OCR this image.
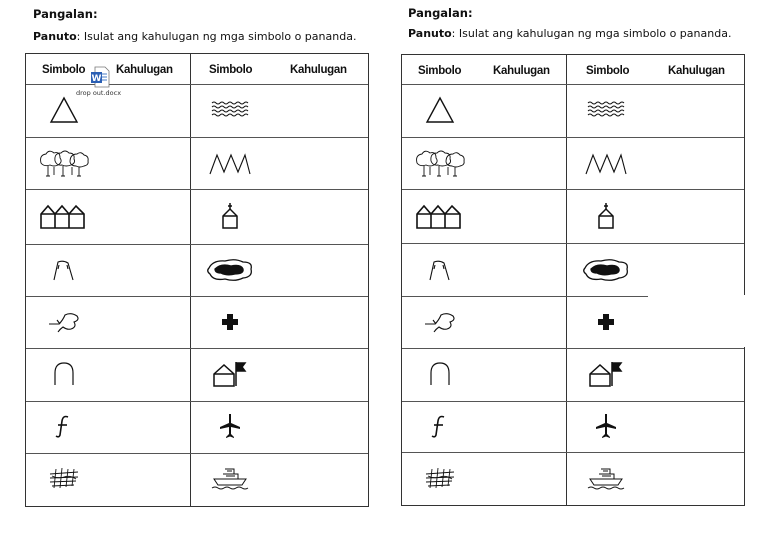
Pangalan:
Panuto: Isulat ang kahulugan ng mga simbolo o pananda.
Simbolo	Kahulugan	Simbolo	Kahulugan
W
drop out.docx
Pangalan:
Panuto: Isulat ang kahulugan ng mga simbolo o pananda.
Simbolo	Kahulugan	Simbolo	Kahulugan
